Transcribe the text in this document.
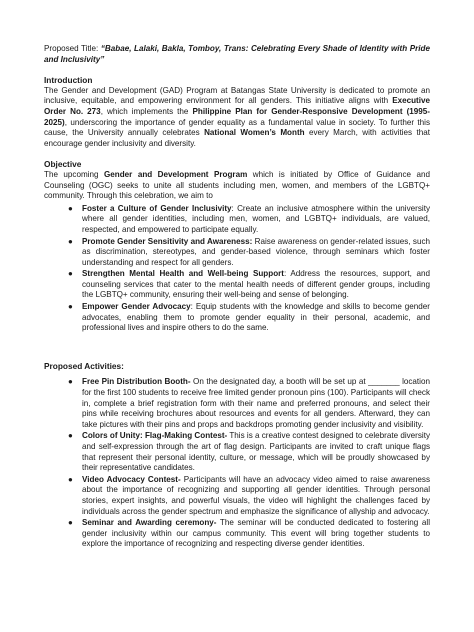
Proposed Title: “Babae, Lalaki, Bakla, Tomboy, Trans: Celebrating Every Shade of Identity with Pride and Inclusivity”

Introduction

The Gender and Development (GAD) Program at Batangas State University is dedicated to promote an inclusive, equitable, and empowering environment for all genders. This initiative aligns with Executive Order No. 273, which implements the Philippine Plan for Gender-Responsive Development (1995-2025), underscoring the importance of gender equality as a fundamental value in society. To further this cause, the University annually celebrates National Women’s Month every March, with activities that encourage gender inclusivity and diversity.

Objective

The upcoming Gender and Development Program which is initiated by Office of Guidance and Counseling (OGC) seeks to unite all students including men, women, and members of the LGBTQ+ community. Through this celebration, we aim to

● Foster a Culture of Gender Inclusivity: Create an inclusive atmosphere within the university where all gender identities, including men, women, and LGBTQ+ individuals, are valued, respected, and empowered to participate equally.
● Promote Gender Sensitivity and Awareness: Raise awareness on gender-related issues, such as discrimination, stereotypes, and gender-based violence, through seminars which foster understanding and respect for all genders.
● Strengthen Mental Health and Well-being Support: Address the resources, support, and counseling services that cater to the mental health needs of different gender groups, including the LGBTQ+ community, ensuring their well-being and sense of belonging.
● Empower Gender Advocacy: Equip students with the knowledge and skills to become gender advocates, enabling them to promote gender equality in their personal, academic, and professional lives and inspire others to do the same.

Proposed Activities:

● Free Pin Distribution Booth- On the designated day, a booth will be set up at _______ location for the first 100 students to receive free limited gender pronoun pins (100). Participants will check in, complete a brief registration form with their name and preferred pronouns, and select their pins while receiving brochures about resources and events for all genders. Afterward, they can take pictures with their pins and props and backdrops promoting gender inclusivity and visibility.
● Colors of Unity: Flag-Making Contest- This is a creative contest designed to celebrate diversity and self-expression through the art of flag design. Participants are invited to craft unique flags that represent their personal identity, culture, or message, which will be proudly showcased by their representative candidates.
● Video Advocacy Contest- Participants will have an advocacy video aimed to raise awareness about the importance of recognizing and supporting all gender identities. Through personal stories, expert insights, and powerful visuals, the video will highlight the challenges faced by individuals across the gender spectrum and emphasize the significance of allyship and advocacy.
● Seminar and Awarding ceremony- The seminar will be conducted dedicated to fostering all gender inclusivity within our campus community. This event will bring together students to explore the importance of recognizing and respecting diverse gender identities.
